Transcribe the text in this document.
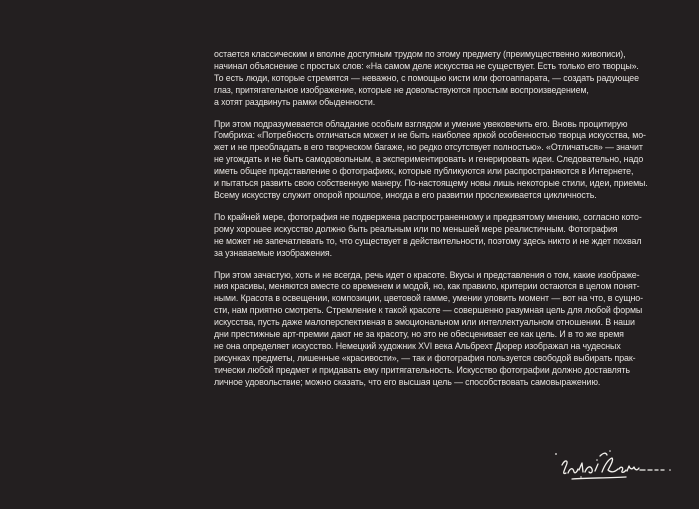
остается классическим и вполне доступным трудом по этому предмету (преимущественно живописи),
начинал объяснение с простых слов: «На самом деле искусства не существует. Есть только его творцы».
То есть люди, которые стремятся — неважно, с помощью кисти или фотоаппарата, — создать радующее
глаз, притягательное изображение, которые не довольствуются простым воспроизведением,
а хотят раздвинуть рамки обыденности.

При этом подразумевается обладание особым взглядом и умение увековечить его. Вновь процитирую
Гомбриха: «Потребность отличаться может и не быть наиболее яркой особенностью творца искусства, мо-
жет и не преобладать в его творческом багаже, но редко отсутствует полностью». «Отличаться» — значит
не угождать и не быть самодовольным, а экспериментировать и генерировать идеи. Следовательно, надо
иметь общее представление о фотографиях, которые публикуются или распространяются в Интернете,
и пытаться развить свою собственную манеру. По-настоящему новы лишь некоторые стили, идеи, приемы.
Всему искусству служит опорой прошлое, иногда в его развитии прослеживается цикличность.

По крайней мере, фотография не подвержена распространенному и предвзятому мнению, согласно кото-
рому хорошее искусство должно быть реальным или по меньшей мере реалистичным. Фотография
не может не запечатлевать то, что существует в действительности, поэтому здесь никто и не ждет похвал
за узнаваемые изображения.

При этом зачастую, хоть и не всегда, речь идет о красоте. Вкусы и представления о том, какие изображе-
ния красивы, меняются вместе со временем и модой, но, как правило, критерии остаются в целом понят-
ными. Красота в освещении, композиции, цветовой гамме, умении уловить момент — вот на что, в сущно-
сти, нам приятно смотреть. Стремление к такой красоте — совершенно разумная цель для любой формы
искусства, пусть даже малоперспективная в эмоциональном или интеллектуальном отношении. В наши
дни престижные арт-премии дают не за красоту, но это не обесценивает ее как цель. И в то же время
не она определяет искусство. Немецкий художник XVI века Альбрехт Дюрер изображал на чудесных
рисунках предметы, лишенные «красивости», — так и фотография пользуется свободой выбирать прак-
тически любой предмет и придавать ему притягательность. Искусство фотографии должно доставлять
личное удовольствие; можно сказать, что его высшая цель — способствовать самовыражению.
